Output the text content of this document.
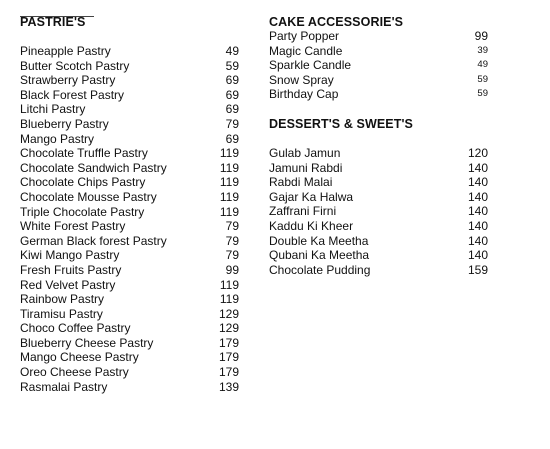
PASTRIE'S
Pineapple Pastry	49
Butter Scotch Pastry	59
Strawberry Pastry	69
Black Forest Pastry	69
Litchi Pastry	69
Blueberry Pastry	79
Mango Pastry	69
Chocolate Truffle Pastry	119
Chocolate Sandwich Pastry	119
Chocolate Chips Pastry	119
Chocolate Mousse Pastry	119
Triple Chocolate Pastry	119
White Forest Pastry	79
German Black forest Pastry	79
Kiwi Mango Pastry	79
Fresh Fruits Pastry	99
Red Velvet Pastry	119
Rainbow Pastry	119
Tiramisu Pastry	129
Choco Coffee Pastry	129
Blueberry Cheese Pastry	179
Mango Cheese Pastry	179
Oreo Cheese Pastry	179
Rasmalai Pastry	139
CAKE ACCESSORIE'S
Party Popper	99
Magic Candle	39
Sparkle Candle	49
Snow Spray	59
Birthday Cap	59
DESSERT'S & SWEET'S
Gulab Jamun	120
Jamuni Rabdi	140
Rabdi Malai	140
Gajar Ka Halwa	140
Zaffrani Firni	140
Kaddu Ki Kheer	140
Double Ka Meetha	140
Qubani Ka Meetha	140
Chocolate Pudding	159
